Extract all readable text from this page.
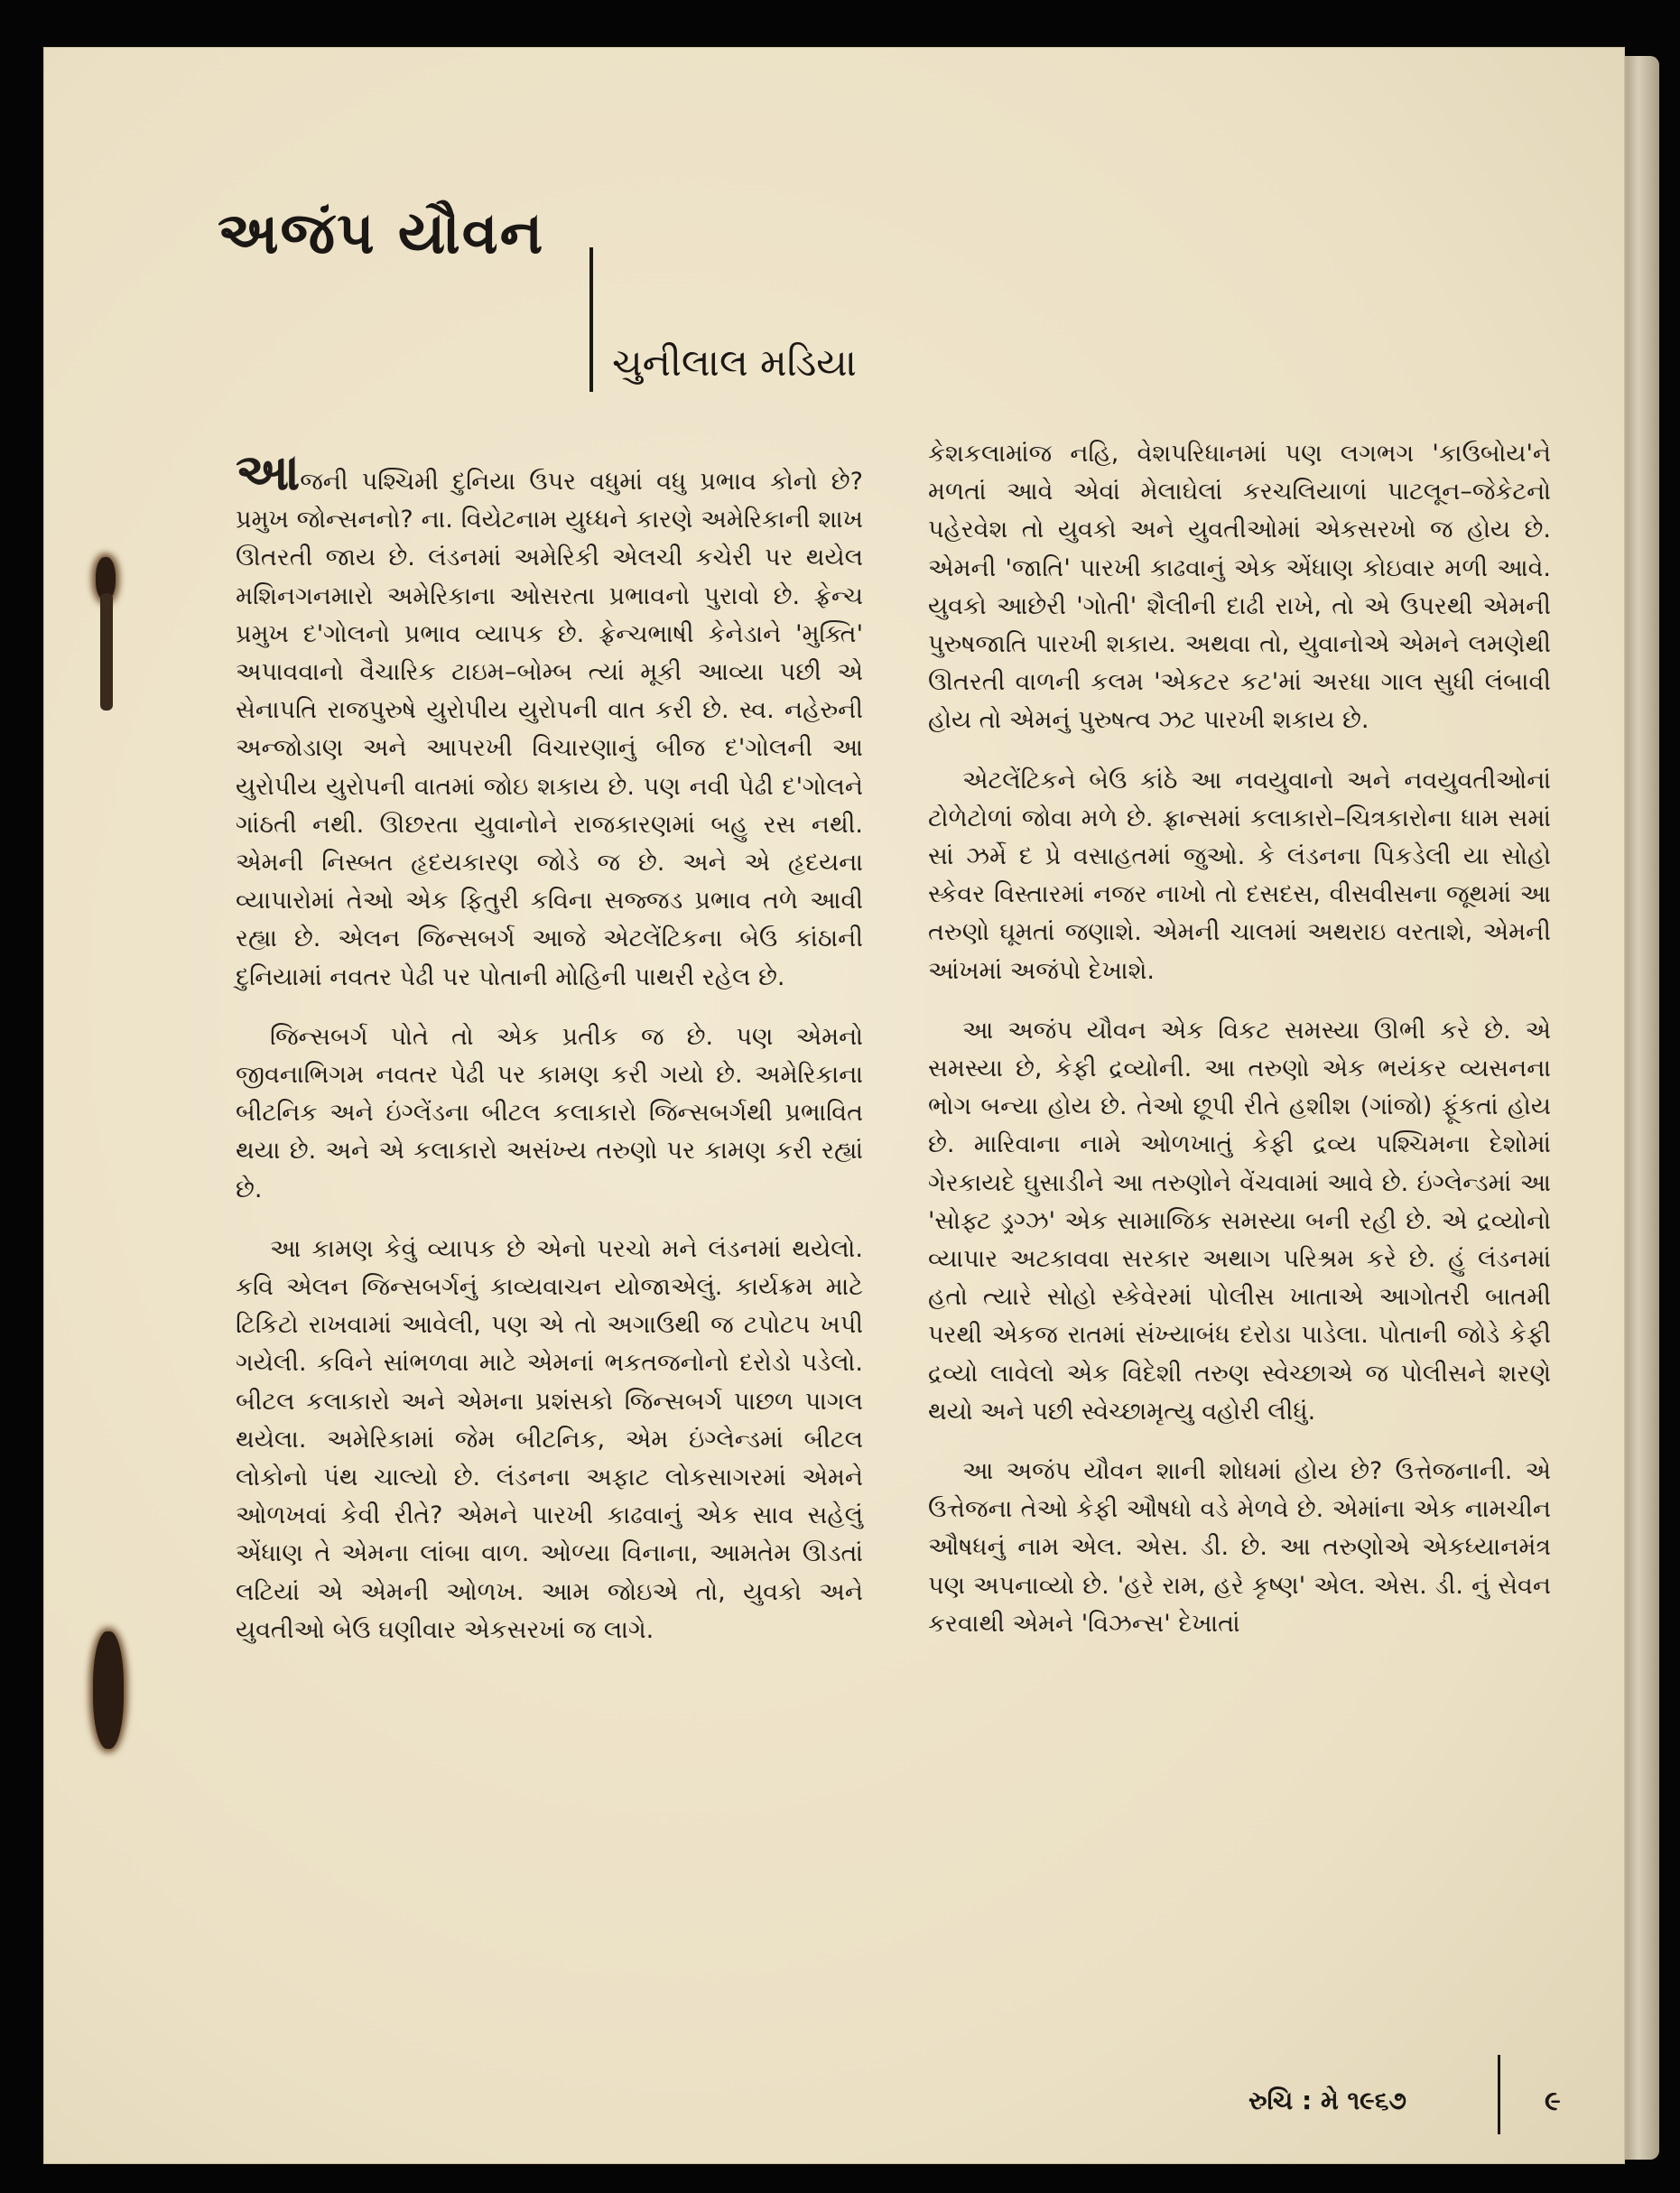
અજંપ યૌવન
ચુનીલાલ મડિયા

આજની પશ્ચિમી દુનિયા ઉપર વધુમાં વધુ પ્રભાવ કોનો છે? પ્રમુખ જોન્સનનો? ના. વિયેટનામ યુધ્ધને કારણે અમેરિકાની શાખ ઊતરતી જાય છે. લંડનમાં અમેરિકી એલચી કચેરી પર થયેલ મશિનગનમારો અમેરિકાના ઓસરતા પ્રભાવનો પુરાવો છે. ફ્રેન્ચ પ્રમુખ દ'ગોલનો પ્રભાવ વ્યાપક છે. ફ્રેન્ચભાષી કેનેડાને 'મુક્તિ' અપાવવાનો વૈચારિક ટાઇમ–બોમ્બ ત્યાં મૂકી આવ્યા પછી એ સેનાપતિ રાજપુરુષે યુરોપીય યુરોપની વાત કરી છે. સ્વ. નહેરુની અન્જોડાણ અને આપરખી વિચારણાનું બીજ દ'ગોલની આ યુરોપીય યુરોપની વાતમાં જોઇ શકાય છે. પણ નવી પેઢી દ'ગોલને ગાંઠતી નથી. ઊછરતા યુવાનોને રાજકારણમાં બહુ રસ નથી. એમની નિસ્બત હૃદયકારણ જોડે જ છે. અને એ હૃદયના વ્યાપારોમાં તેઓ એક ફિતુરી કવિના સજ્જડ પ્રભાવ તળે આવી રહ્યા છે. એલન જિન્સબર્ગ આજે એટલેંટિકના બેઉ કાંઠાની દુનિયામાં નવતર પેઢી પર પોતાની મોહિની પાથરી રહેલ છે.

જિન્સબર્ગ પોતે તો એક પ્રતીક જ છે. પણ એમનો જીવનાભિગમ નવતર પેઢી પર કામણ કરી ગયો છે. અમેરિકાના બીટનિક અને ઇંગ્લેંડના બીટલ કલાકારો જિન્સબર્ગથી પ્રભાવિત થયા છે. અને એ કલાકારો અસંખ્ય તરુણો પર કામણ કરી રહ્યાં છે.

આ કામણ કેવું વ્યાપક છે એનો પરચો મને લંડનમાં થયેલો. કવિ એલન જિન્સબર્ગનું કાવ્યવાચન યોજાએલું. કાર્યક્રમ માટે ટિકિટો રાખવામાં આવેલી, પણ એ તો અગાઉથી જ ટપોટપ ખપી ગયેલી. કવિને સાંભળવા માટે એમનાં ભકતજનોનો દરોડો પડેલો. બીટલ કલાકારો અને એમના પ્રશંસકો જિન્સબર્ગ પાછળ પાગલ થયેલા. અમેરિકામાં જેમ બીટનિક, એમ ઇંગ્લેન્ડમાં બીટલ લોકોનો પંથ ચાલ્યો છે. લંડનના અફાટ લોકસાગરમાં એમને ઓળખવાં કેવી રીતે? એમને પારખી કાઢવાનું એક સાવ સહેલું એંધાણ તે એમના લાંબા વાળ. ઓળ્યા વિનાના, આમતેમ ઊડતાં લટિયાં એ એમની ઓળખ. આમ જોઇએ તો, યુવકો અને યુવતીઓ બેઉ ઘણીવાર એકસરખાં જ લાગે.

કેશકલામાંજ નહિ, વેશપરિધાનમાં પણ લગભગ 'કાઉબોય'ને મળતાં આવે એવાં મેલાઘેલાં કરચલિયાળાં પાટલૂન–જેકેટનો પહેરવેશ તો યુવકો અને યુવતીઓમાં એકસરખો જ હોય છે. એમની 'જાતિ' પારખી કાઢવાનું એક એંધાણ કોઇવાર મળી આવે. યુવકો આછેરી 'ગોતી' શૈલીની દાઢી રાખે, તો એ ઉપરથી એમની પુરુષજાતિ પારખી શકાય. અથવા તો, યુવાનોએ એમને લમણેથી ઊતરતી વાળની કલમ 'એકટર કટ'માં અરધા ગાલ સુધી લંબાવી હોય તો એમનું પુરુષત્વ ઝટ પારખી શકાય છે.

એટલેંટિકને બેઉ કાંઠે આ નવયુવાનો અને નવયુવતીઓનાં ટોળેટોળાં જોવા મળે છે. ફ્રાન્સમાં કલાકારો–ચિત્રકારોના ધામ સમાં સાં ઝર્મે દ પ્રે વસાહતમાં જુઓ. કે લંડનના પિકડેલી યા સોહો સ્કેવર વિસ્તારમાં નજર નાખો તો દસદસ, વીસવીસના જૂથમાં આ તરુણો ઘૂમતાં જણાશે. એમની ચાલમાં અથરાઇ વરતાશે, એમની આંખમાં અજંપો દેખાશે.

આ અજંપ યૌવન એક વિકટ સમસ્યા ઊભી કરે છે. એ સમસ્યા છે, કેફી દ્રવ્યોની. આ તરુણો એક ભયંકર વ્યસનના ભોગ બન્યા હોય છે. તેઓ છૂપી રીતે હશીશ (ગાંજો) ફૂંકતાં હોય છે. મારિવાના નામે ઓળખાતું કેફી દ્રવ્ય પશ્ચિમના દેશોમાં ગેરકાયદે ઘુસાડીને આ તરુણોને વેંચવામાં આવે છે. ઇંગ્લેન્ડમાં આ 'સોફ્ટ ડ્રગ્ઝ' એક સામાજિક સમસ્યા બની રહી છે. એ દ્રવ્યોનો વ્યાપાર અટકાવવા સરકાર અથાગ પરિશ્રમ કરે છે. હું લંડનમાં હતો ત્યારે સોહો સ્કેવેરમાં પોલીસ ખાતાએ આગોતરી બાતમી પરથી એકજ રાતમાં સંખ્યાબંધ દરોડા પાડેલા. પોતાની જોડે કેફી દ્રવ્યો લાવેલો એક વિદેશી તરુણ સ્વેચ્છાએ જ પોલીસને શરણે થયો અને પછી સ્વેચ્છામૃત્યુ વહોરી લીધું.

આ અજંપ યૌવન શાની શોધમાં હોય છે? ઉત્તેજનાની. એ ઉત્તેજના તેઓ કેફી ઔષધો વડે મેળવે છે. એમાંના એક નામચીન ઔષધનું નામ એલ. એસ. ડી. છે. આ તરુણોએ એકધ્યાનમંત્ર પણ અપનાવ્યો છે. 'હરે રામ, હરે કૃષ્ણ' એલ. એસ. ડી. નું સેવન કરવાથી એમને 'વિઝન્સ' દેખાતાં

રુચિ : મે ૧૯૬૭	૯
